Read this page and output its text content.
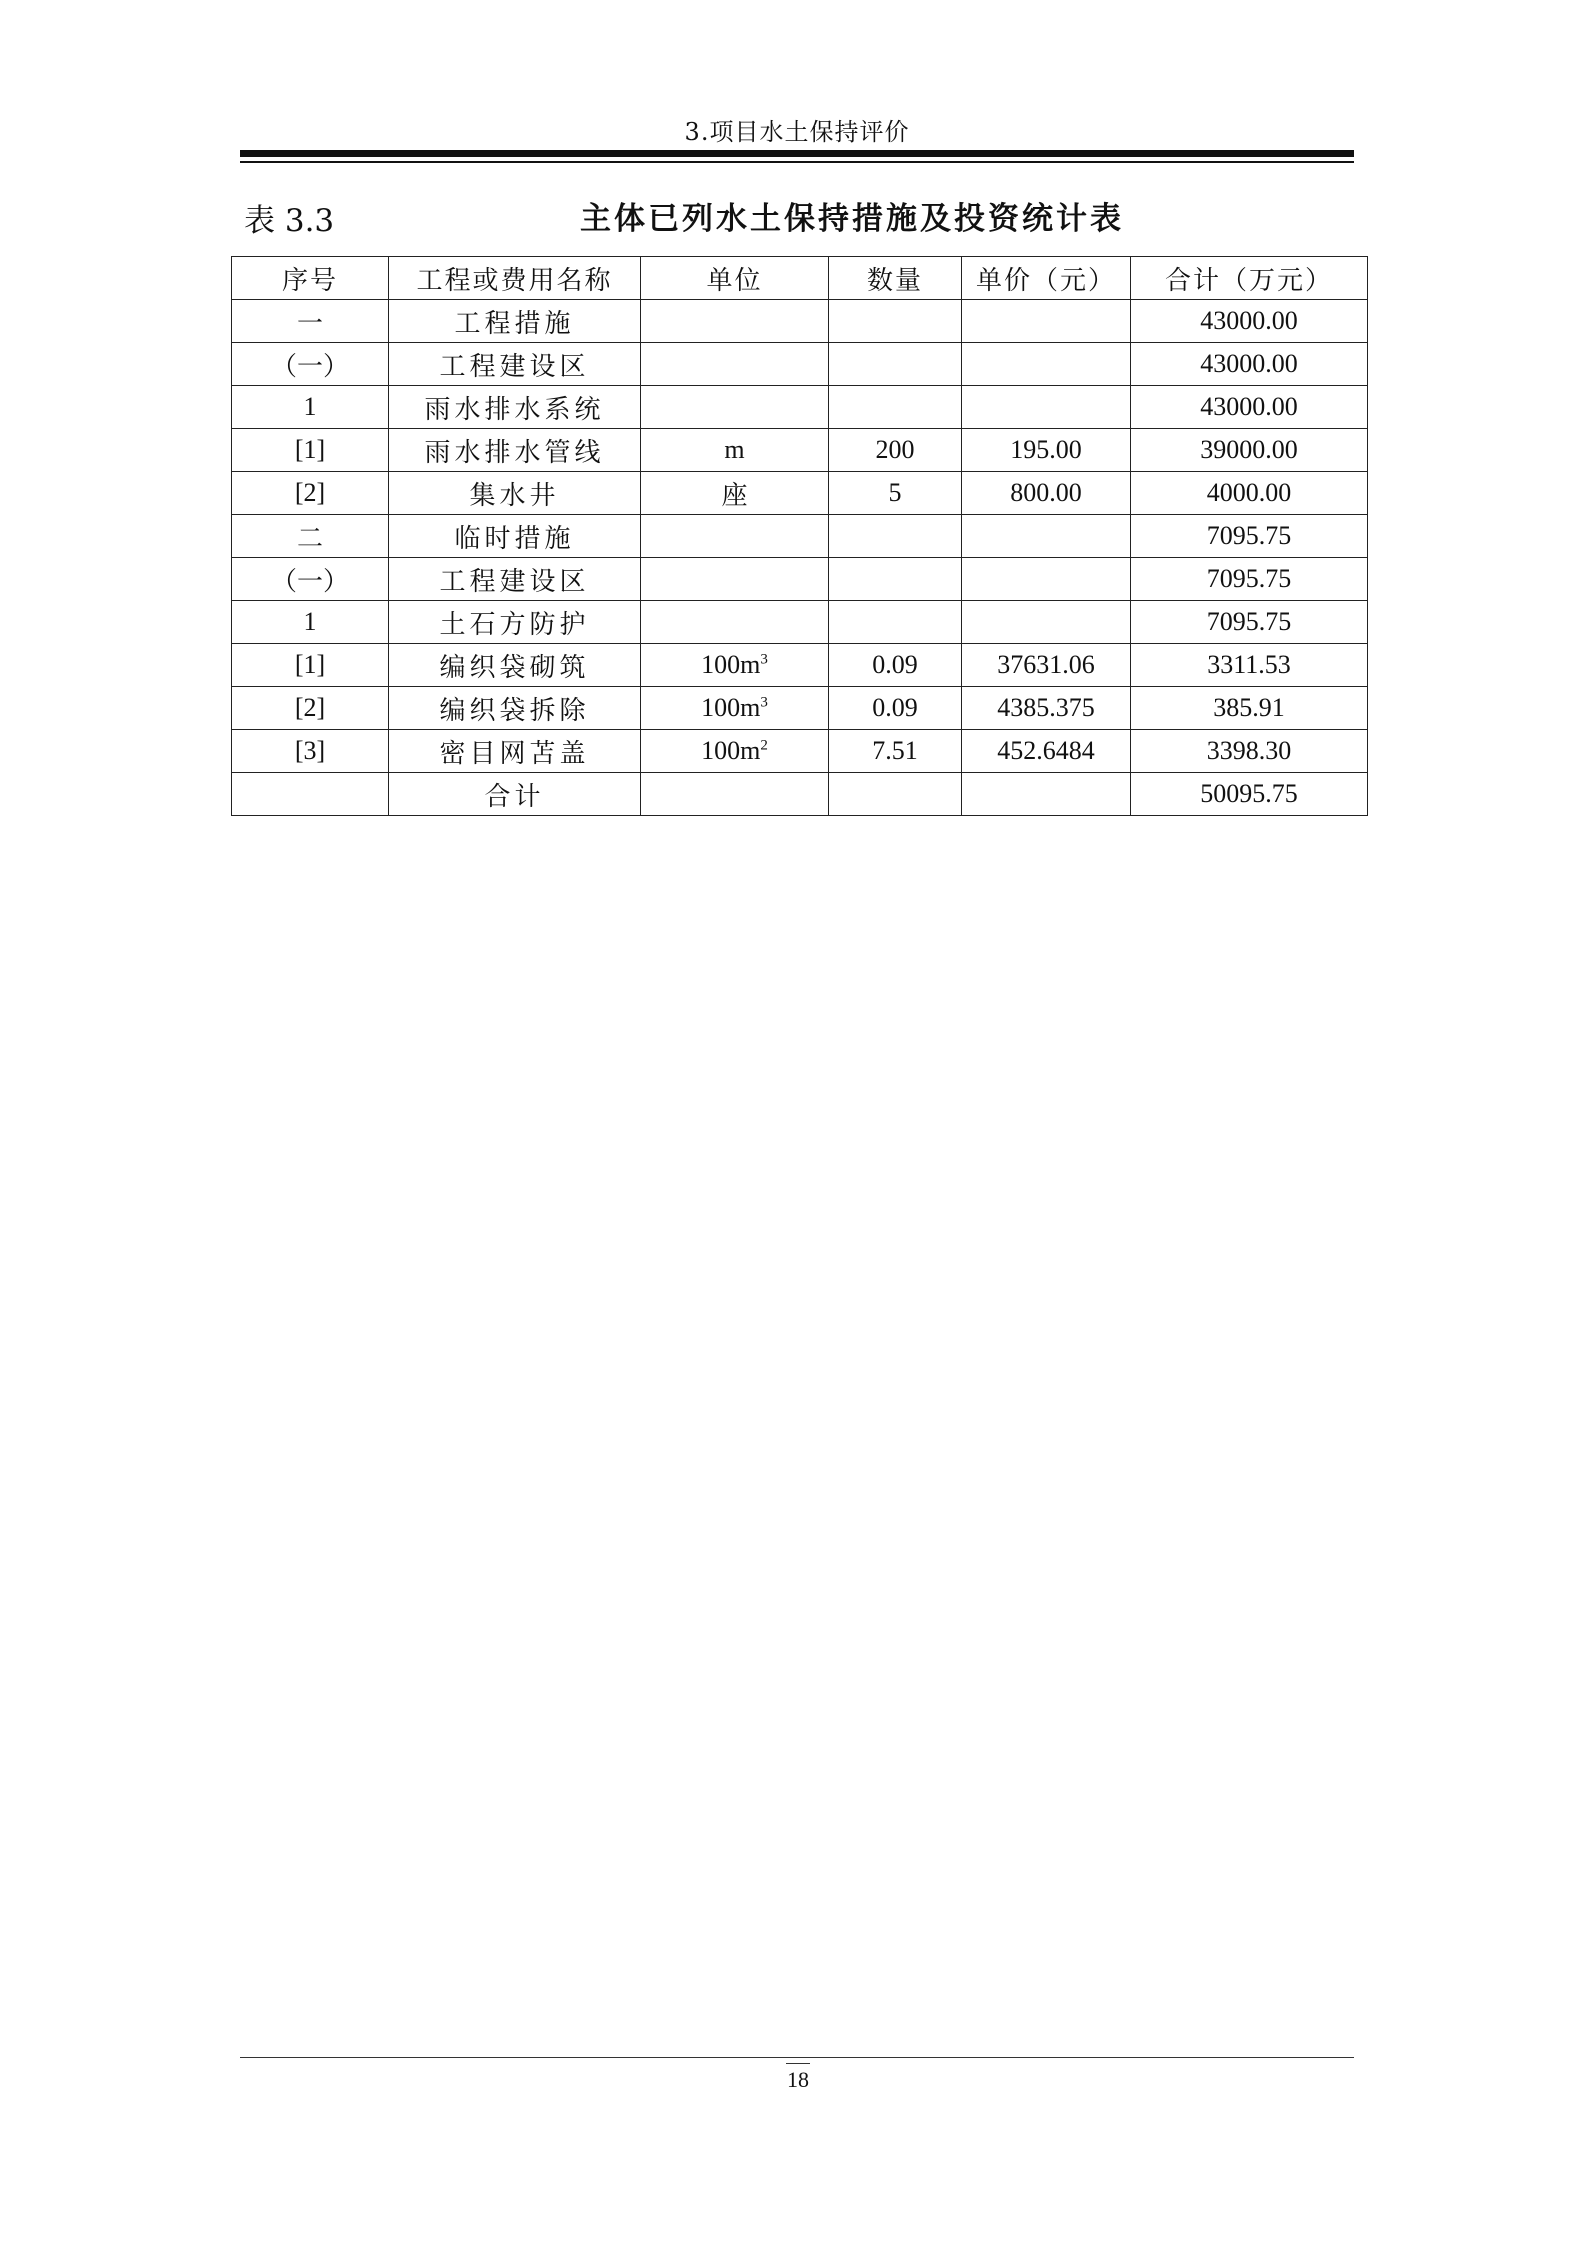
3.项目水土保持评价
表 3.3	主体已列水土保持措施及投资统计表
序号	工程或费用名称	单位	数量	单价（元）	合计（万元）
一	工程措施				43000.00
（一）	工程建设区				43000.00
1	雨水排水系统				43000.00
[1]	雨水排水管线	m	200	195.00	39000.00
[2]	集水井	座	5	800.00	4000.00
二	临时措施				7095.75
（一）	工程建设区				7095.75
1	土石方防护				7095.75
[1]	编织袋砌筑	$100m^3$	0.09	37631.06	3311.53
[2]	编织袋拆除	$100m^3$	0.09	4385.375	385.91
[3]	密目网苫盖	$100m^2$	7.51	452.6484	3398.30
	合计				50095.75
18
